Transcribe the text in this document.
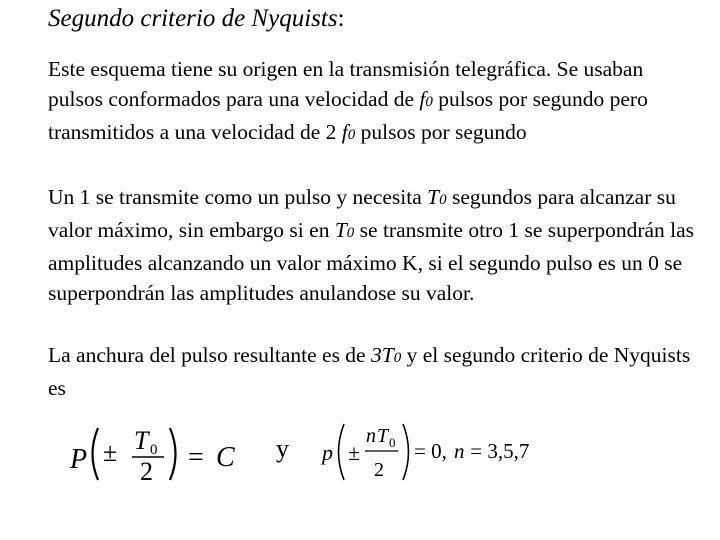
Segundo criterio de Nyquists:
Este esquema tiene su origen en la transmisión telegráfica. Se usaban pulsos conformados para una velocidad de f0 pulsos por segundo pero transmitidos a una velocidad de 2 f0 pulsos por segundo
Un 1 se transmite como un pulso y necesita T0 segundos para alcanzar su valor máximo, sin embargo si en T0 se transmite otro 1 se superpondrán las amplitudes alcanzando un valor máximo K, si el segundo pulso es un 0 se superpondrán las amplitudes anulandose su valor.
La anchura del pulso resultante es de 3T0 y el segundo criterio de Nyquists es
P ± T 0
2 = C y p ±
n T 0
2
= 0, n = 3,5,7
